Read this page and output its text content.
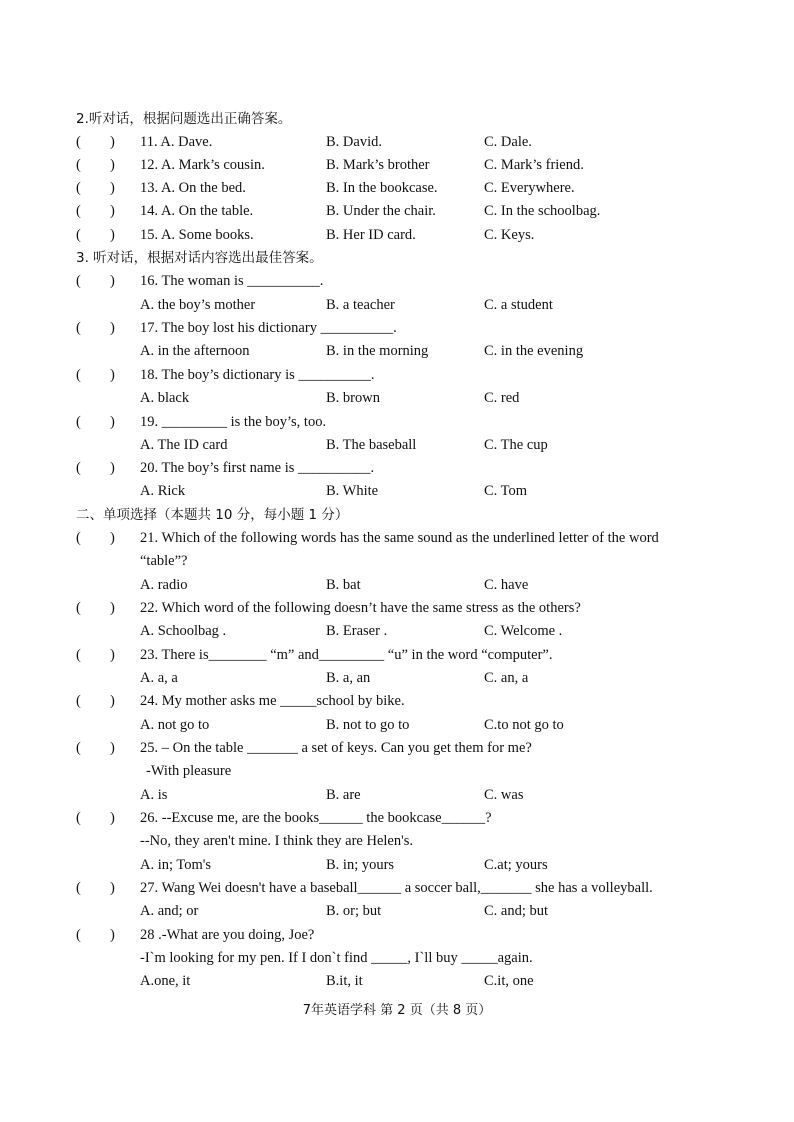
2.听对话，根据问题选出正确答案。
( ) 11. A. Dave.	B. David.	C. Dale.
( ) 12. A. Mark’s cousin.	B. Mark’s brother	C. Mark’s friend.
( ) 13. A. On the bed.	B. In the bookcase.	C. Everywhere.
( ) 14. A. On the table.	B. Under the chair.	C. In the schoolbag.
( ) 15. A. Some books.	B. Her ID card.	C. Keys.
3. 听对话，根据对话内容选出最佳答案。
( ) 16. The woman is __________.
A. the boy’s mother	B. a teacher	C. a student
( ) 17. The boy lost his dictionary __________.
A. in the afternoon	B. in the morning	C. in the evening
( ) 18. The boy’s dictionary is __________.
A. black	B. brown	C. red
( ) 19. _________ is the boy’s, too.
A. The ID card	B. The baseball	C. The cup
( ) 20. The boy’s first name is __________.
A. Rick	B. White	C. Tom
二、单项选择（本题共 10 分，每小题 1 分）
( ) 21. Which of the following words has the same sound as the underlined letter of the word
“table”?
A. radio	B. bat	C. have
( ) 22. Which word of the following doesn’t have the same stress as the others?
A. Schoolbag .	B. Eraser .	C. Welcome .
( ) 23. There is________ “m” and_________ “u” in the word “computer”.
A. a, a	B. a, an	C. an, a
( ) 24. My mother asks me _____school by bike.
A. not go to	B. not to go to	C.to not go to
( ) 25. – On the table _______ a set of keys. Can you get them for me?
-With pleasure
A. is	B. are	C. was
( ) 26. --Excuse me, are the books______ the bookcase______?
--No, they aren't mine. I think they are Helen's.
A. in; Tom's	B. in; yours	C.at; yours
( ) 27. Wang Wei doesn't have a baseball______ a soccer ball,_______ she has a volleyball.
A. and; or	B. or; but	C. and; but
( ) 28 .-What are you doing, Joe?
-I`m looking for my pen. If I don`t find _____, I`ll buy _____again.
A.one, it	B.it, it	C.it, one
7年英语学科 第 2 页（共 8 页）
